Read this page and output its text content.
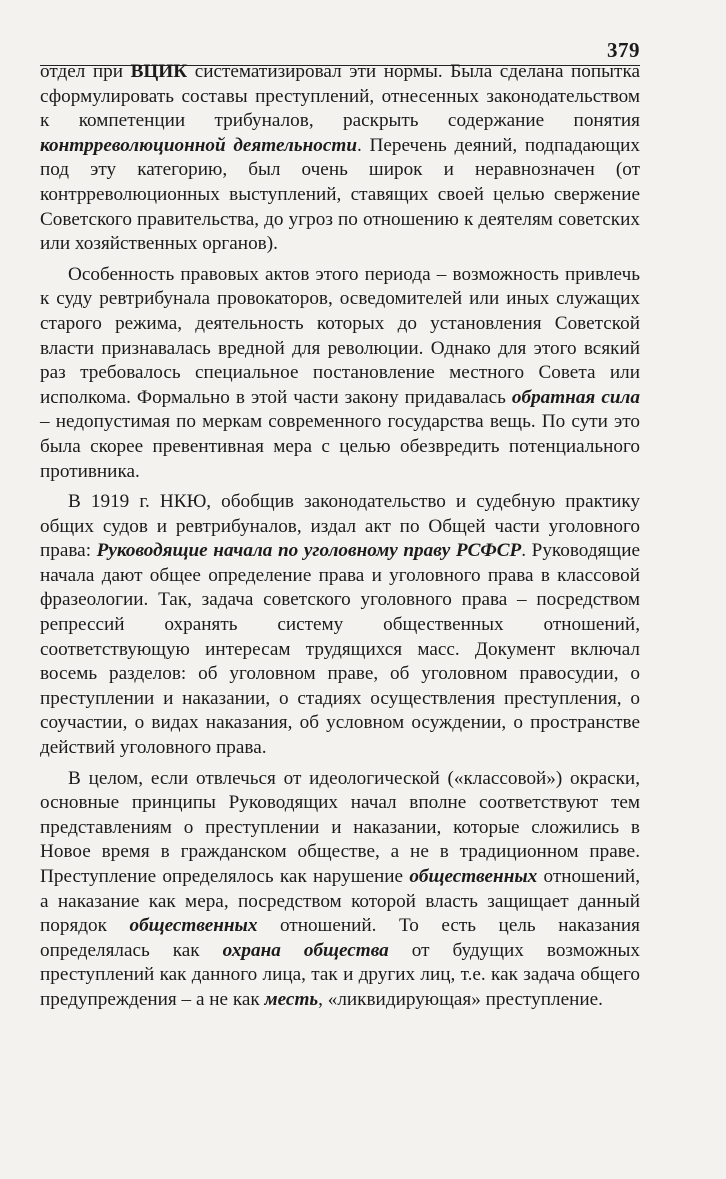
379

отдел при ВЦИК систематизировал эти нормы. Была сделана попытка сформулировать составы преступлений, отнесенных законодательством к компетенции трибуналов, раскрыть содержание понятия контрреволюционной деятельности. Перечень деяний, подпадающих под эту категорию, был очень широк и неравнозначен (от контрреволюционных выступлений, ставящих своей целью свержение Советского правительства, до угроз по отношению к деятелям советских или хозяйственных органов).

Особенность правовых актов этого периода – возможность привлечь к суду ревтрибунала провокаторов, осведомителей или иных служащих старого режима, деятельность которых до установления Советской власти признавалась вредной для революции. Однако для этого всякий раз требовалось специальное постановление местного Совета или исполкома. Формально в этой части закону придавалась обратная сила – недопустимая по меркам современного государства вещь. По сути это была скорее превентивная мера с целью обезвредить потенциального противника.

В 1919 г. НКЮ, обобщив законодательство и судебную практику общих судов и ревтрибуналов, издал акт по Общей части уголовного права: Руководящие начала по уголовному праву РСФСР. Руководящие начала дают общее определение права и уголовного права в классовой фразеологии. Так, задача советского уголовного права – посредством репрессий охранять систему общественных отношений, соответствующую интересам трудящихся масс. Документ включал восемь разделов: об уголовном праве, об уголовном правосудии, о преступлении и наказании, о стадиях осуществления преступления, о соучастии, о видах наказания, об условном осуждении, о пространстве действий уголовного права.

В целом, если отвлечься от идеологической («классовой») окраски, основные принципы Руководящих начал вполне соответствуют тем представлениям о преступлении и наказании, которые сложились в Новое время в гражданском обществе, а не в традиционном праве. Преступление определялось как нарушение общественных отношений, а наказание как мера, посредством которой власть защищает данный порядок общественных отношений. То есть цель наказания определялась как охрана общества от будущих возможных преступлений как данного лица, так и других лиц, т.е. как задача общего предупреждения – а не как месть, «ликвидирующая» преступление.
